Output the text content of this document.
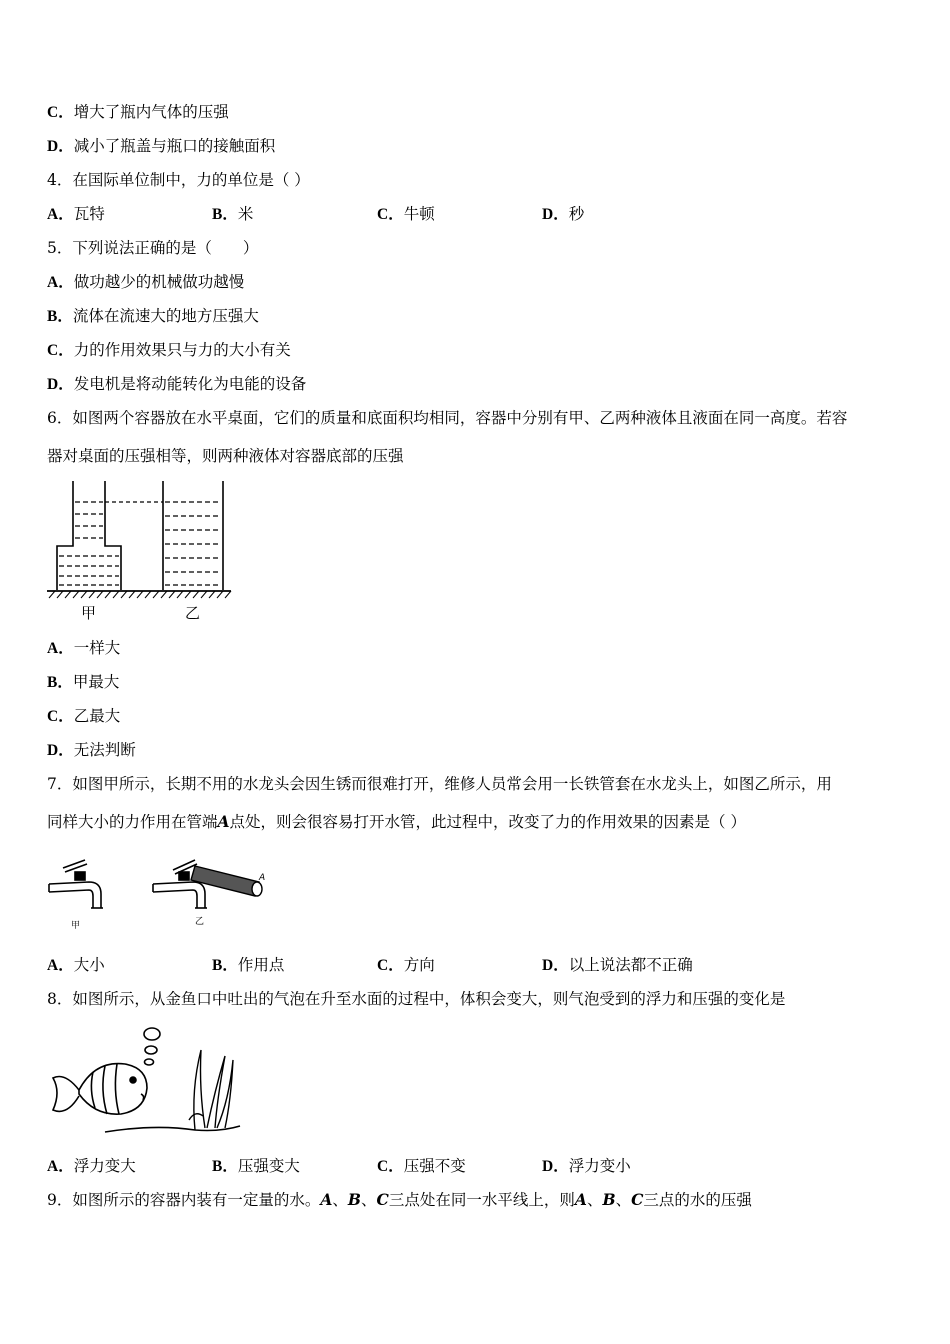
C．增大了瓶内气体的压强
D．减小了瓶盖与瓶口的接触面积
4．在国际单位制中，力的单位是（ ）
A．瓦特	B．米	C．牛顿	D．秒
5．下列说法正确的是（　　）
A．做功越少的机械做功越慢
B．流体在流速大的地方压强大
C．力的作用效果只与力的大小有关
D．发电机是将动能转化为电能的设备
6．如图两个容器放在水平桌面，它们的质量和底面积均相同，容器中分别有甲、乙两种液体且液面在同一高度。若容
器对桌面的压强相等，则两种液体对容器底部的压强
甲	乙
A．一样大
B．甲最大
C．乙最大
D．无法判断
7．如图甲所示，长期不用的水龙头会因生锈而很难打开，维修人员常会用一长铁管套在水龙头上，如图乙所示，用
同样大小的力作用在管端A点处，则会很容易打开水管，此过程中，改变了力的作用效果的因素是（ ）
甲
A
乙
A．大小	B．作用点	C．方向	D．以上说法都不正确
8．如图所示，从金鱼口中吐出的气泡在升至水面的过程中，体积会变大，则气泡受到的浮力和压强的变化是
A．浮力变大	B．压强变大	C．压强不变	D．浮力变小
9．如图所示的容器内装有一定量的水。A、B、C三点处在同一水平线上，则A、B、C三点的水的压强
